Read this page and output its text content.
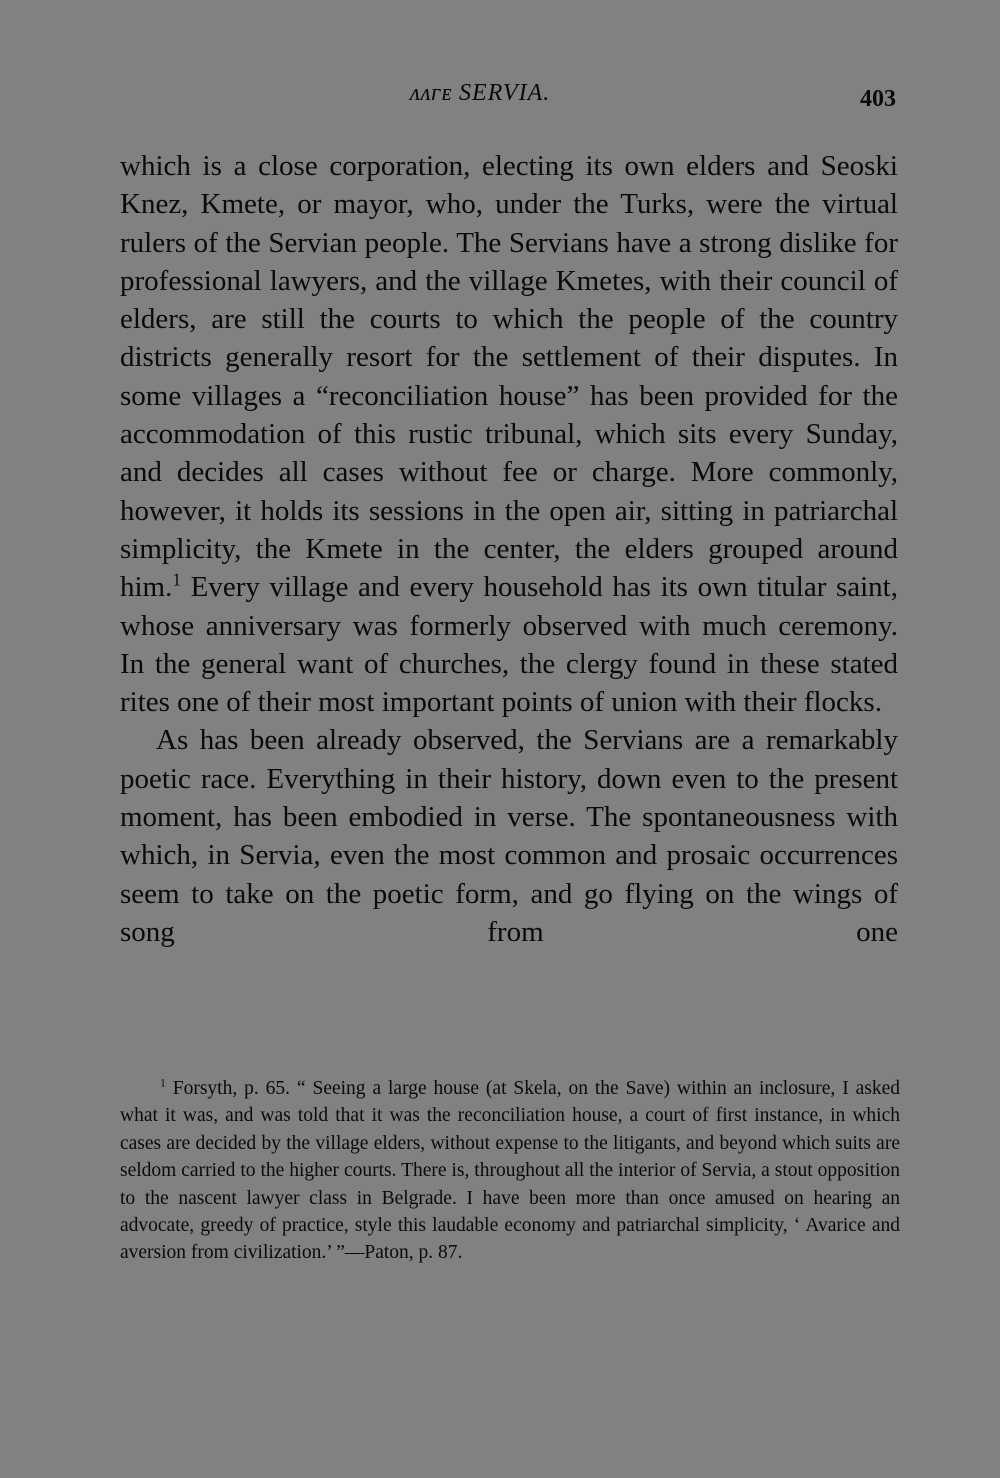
ᴧᴧᴦᴇ SERVIA.	403

which is a close corporation, electing its own elders and Seoski Knez, Kmete, or mayor, who, under the Turks, were the virtual rulers of the Servian people. The Servians have a strong dislike for professional lawyers, and the village Kmetes, with their council of elders, are still the courts to which the people of the country districts generally resort for the settlement of their disputes. In some villages a “reconciliation house” has been provided for the accommodation of this rustic tribunal, which sits every Sunday, and decides all cases without fee or charge. More commonly, however, it holds its sessions in the open air, sitting in patriarchal simplicity, the Kmete in the center, the elders grouped around him.$^1$ Every village and every household has its own titular saint, whose anniversary was formerly observed with much ceremony. In the general want of churches, the clergy found in these stated rites one of their most important points of union with their flocks.

As has been already observed, the Servians are a remarkably poetic race. Everything in their history, down even to the present moment, has been embodied in verse. The spontaneousness with which, in Servia, even the most common and prosaic occurrences seem to take on the poetic form, and go flying on the wings of song from one

$^1$ Forsyth, p. 65. “ Seeing a large house (at Skela, on the Save) within an inclosure, I asked what it was, and was told that it was the reconciliation house, a court of first instance, in which cases are decided by the village elders, without expense to the litigants, and beyond which suits are seldom carried to the higher courts. There is, throughout all the interior of Servia, a stout opposition to the nascent lawyer class in Belgrade. I have been more than once amused on hearing an advocate, greedy of practice, style this laudable economy and patriarchal simplicity, ‘ Avarice and aversion from civilization.’ ”—Paton, p. 87.
